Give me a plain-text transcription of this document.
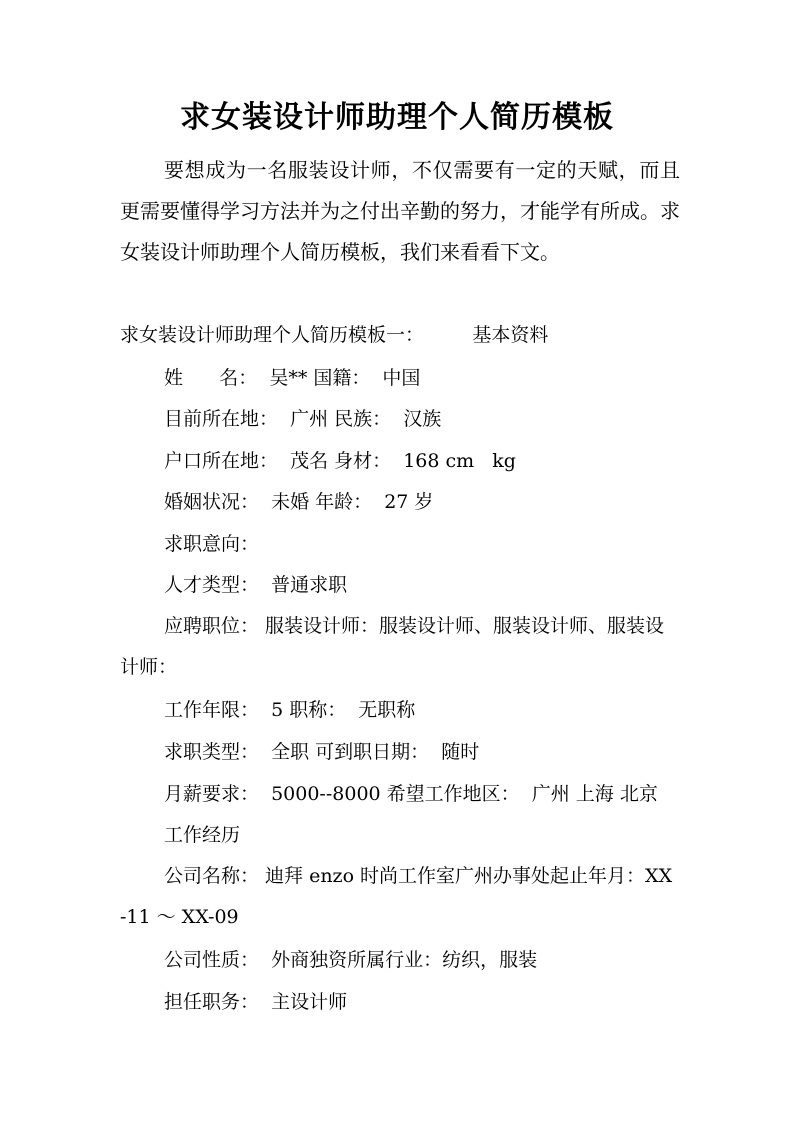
求女装设计师助理个人简历模板

要想成为一名服装设计师，不仅需要有一定的天赋，而且更需要懂得学习方法并为之付出辛勤的努力，才能学有所成。求女装设计师助理个人简历模板，我们来看看下文。

求女装设计师助理个人简历模板一：        基本资料

姓      名：  吴** 国籍：  中国

目前所在地：  广州 民族：  汉族

户口所在地：  茂名 身材：  168 cm   kg

婚姻状况：  未婚 年龄：  27 岁

求职意向：

人才类型：  普通求职

应聘职位： 服装设计师：服装设计师、服装设计师、服装设计师：

工作年限：  5 职称：  无职称

求职类型：  全职 可到职日期：  随时

月薪要求：  5000--8000 希望工作地区：  广州 上海 北京

工作经历

公司名称： 迪拜 enzo 时尚工作室广州办事处起止年月：XX-11 ～ XX-09

公司性质：  外商独资所属行业：纺织，服装

担任职务：  主设计师
